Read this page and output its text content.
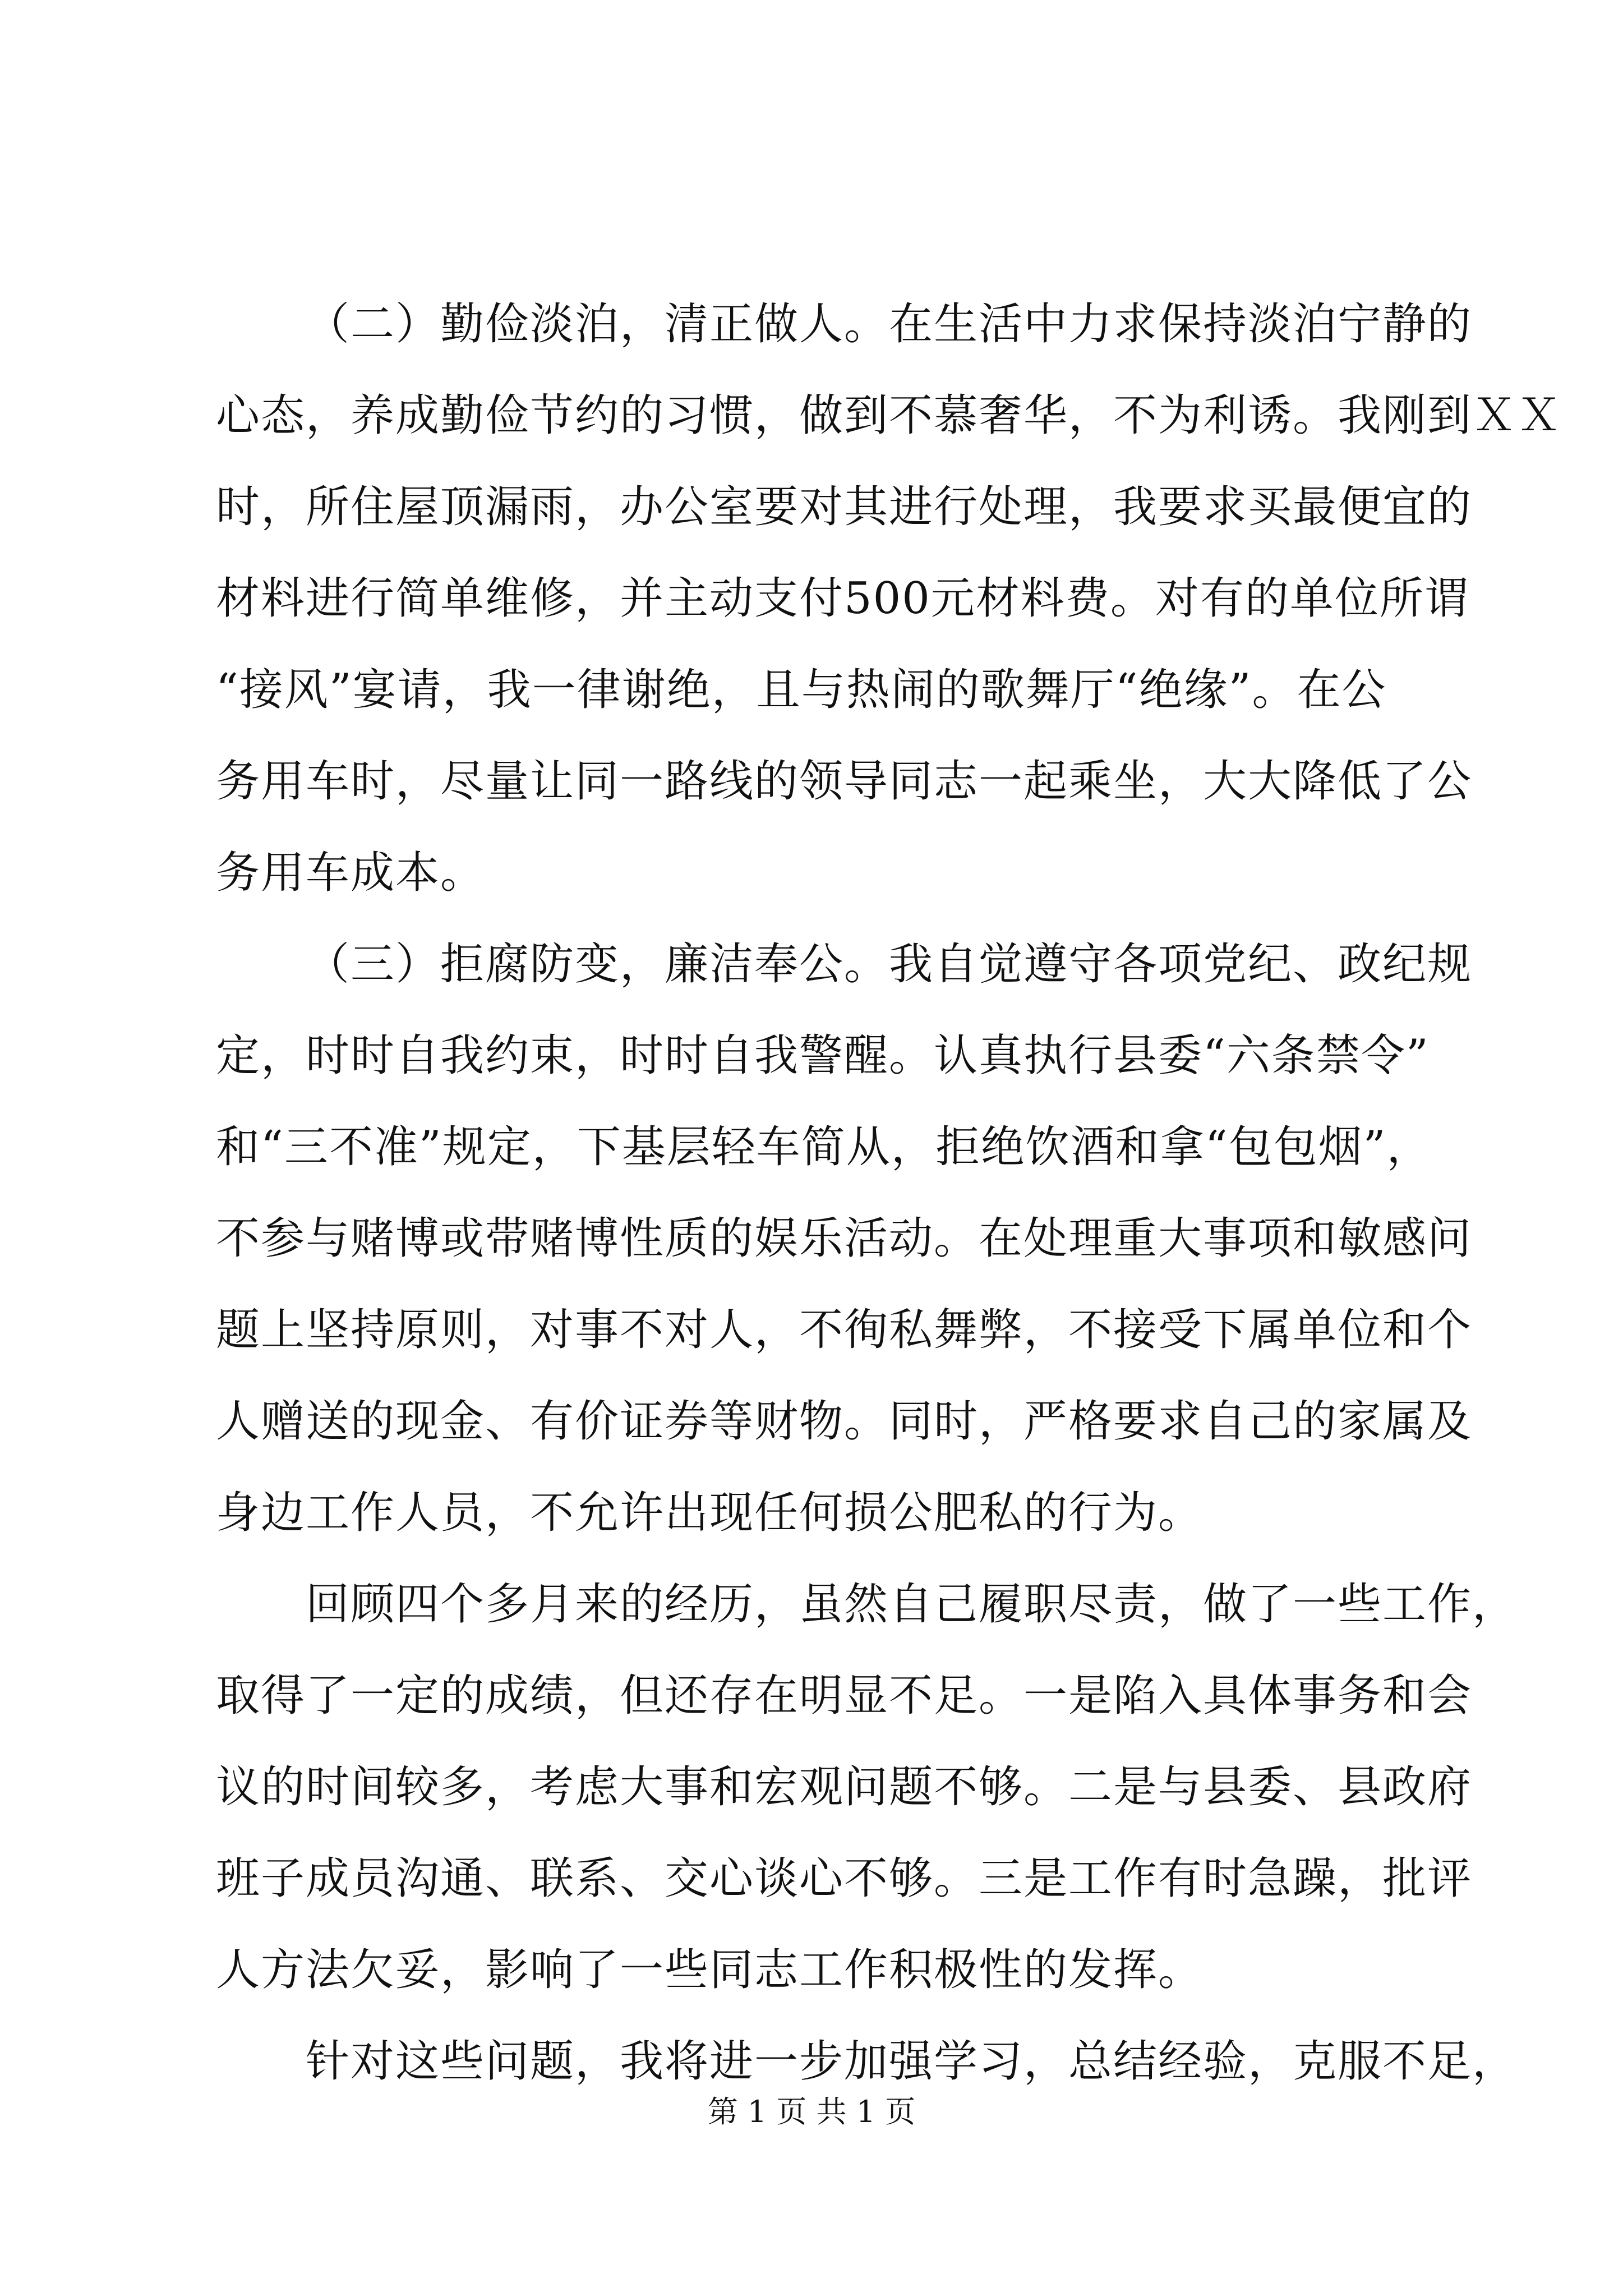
（二）勤俭淡泊，清正做人。在生活中力求保持淡泊宁静的
心态，养成勤俭节约的习惯，做到不慕奢华，不为利诱。我刚到ＸＸ
时，所住屋顶漏雨，办公室要对其进行处理，我要求买最便宜的
材料进行简单维修，并主动支付500元材料费。对有的单位所谓
“接风”宴请，我一律谢绝，且与热闹的歌舞厅“绝缘”。在公
务用车时，尽量让同一路线的领导同志一起乘坐，大大降低了公
务用车成本。
（三）拒腐防变，廉洁奉公。我自觉遵守各项党纪、政纪规
定，时时自我约束，时时自我警醒。认真执行县委“六条禁令”
和“三不准”规定，下基层轻车简从，拒绝饮酒和拿“包包烟”，
不参与赌博或带赌博性质的娱乐活动。在处理重大事项和敏感问
题上坚持原则，对事不对人，不徇私舞弊，不接受下属单位和个
人赠送的现金、有价证券等财物。同时，严格要求自己的家属及
身边工作人员，不允许出现任何损公肥私的行为。
回顾四个多月来的经历，虽然自己履职尽责，做了一些工作，
取得了一定的成绩，但还存在明显不足。一是陷入具体事务和会
议的时间较多，考虑大事和宏观问题不够。二是与县委、县政府
班子成员沟通、联系、交心谈心不够。三是工作有时急躁，批评
人方法欠妥，影响了一些同志工作积极性的发挥。
针对这些问题，我将进一步加强学习，总结经验，克服不足，
第 1 页 共 1 页
